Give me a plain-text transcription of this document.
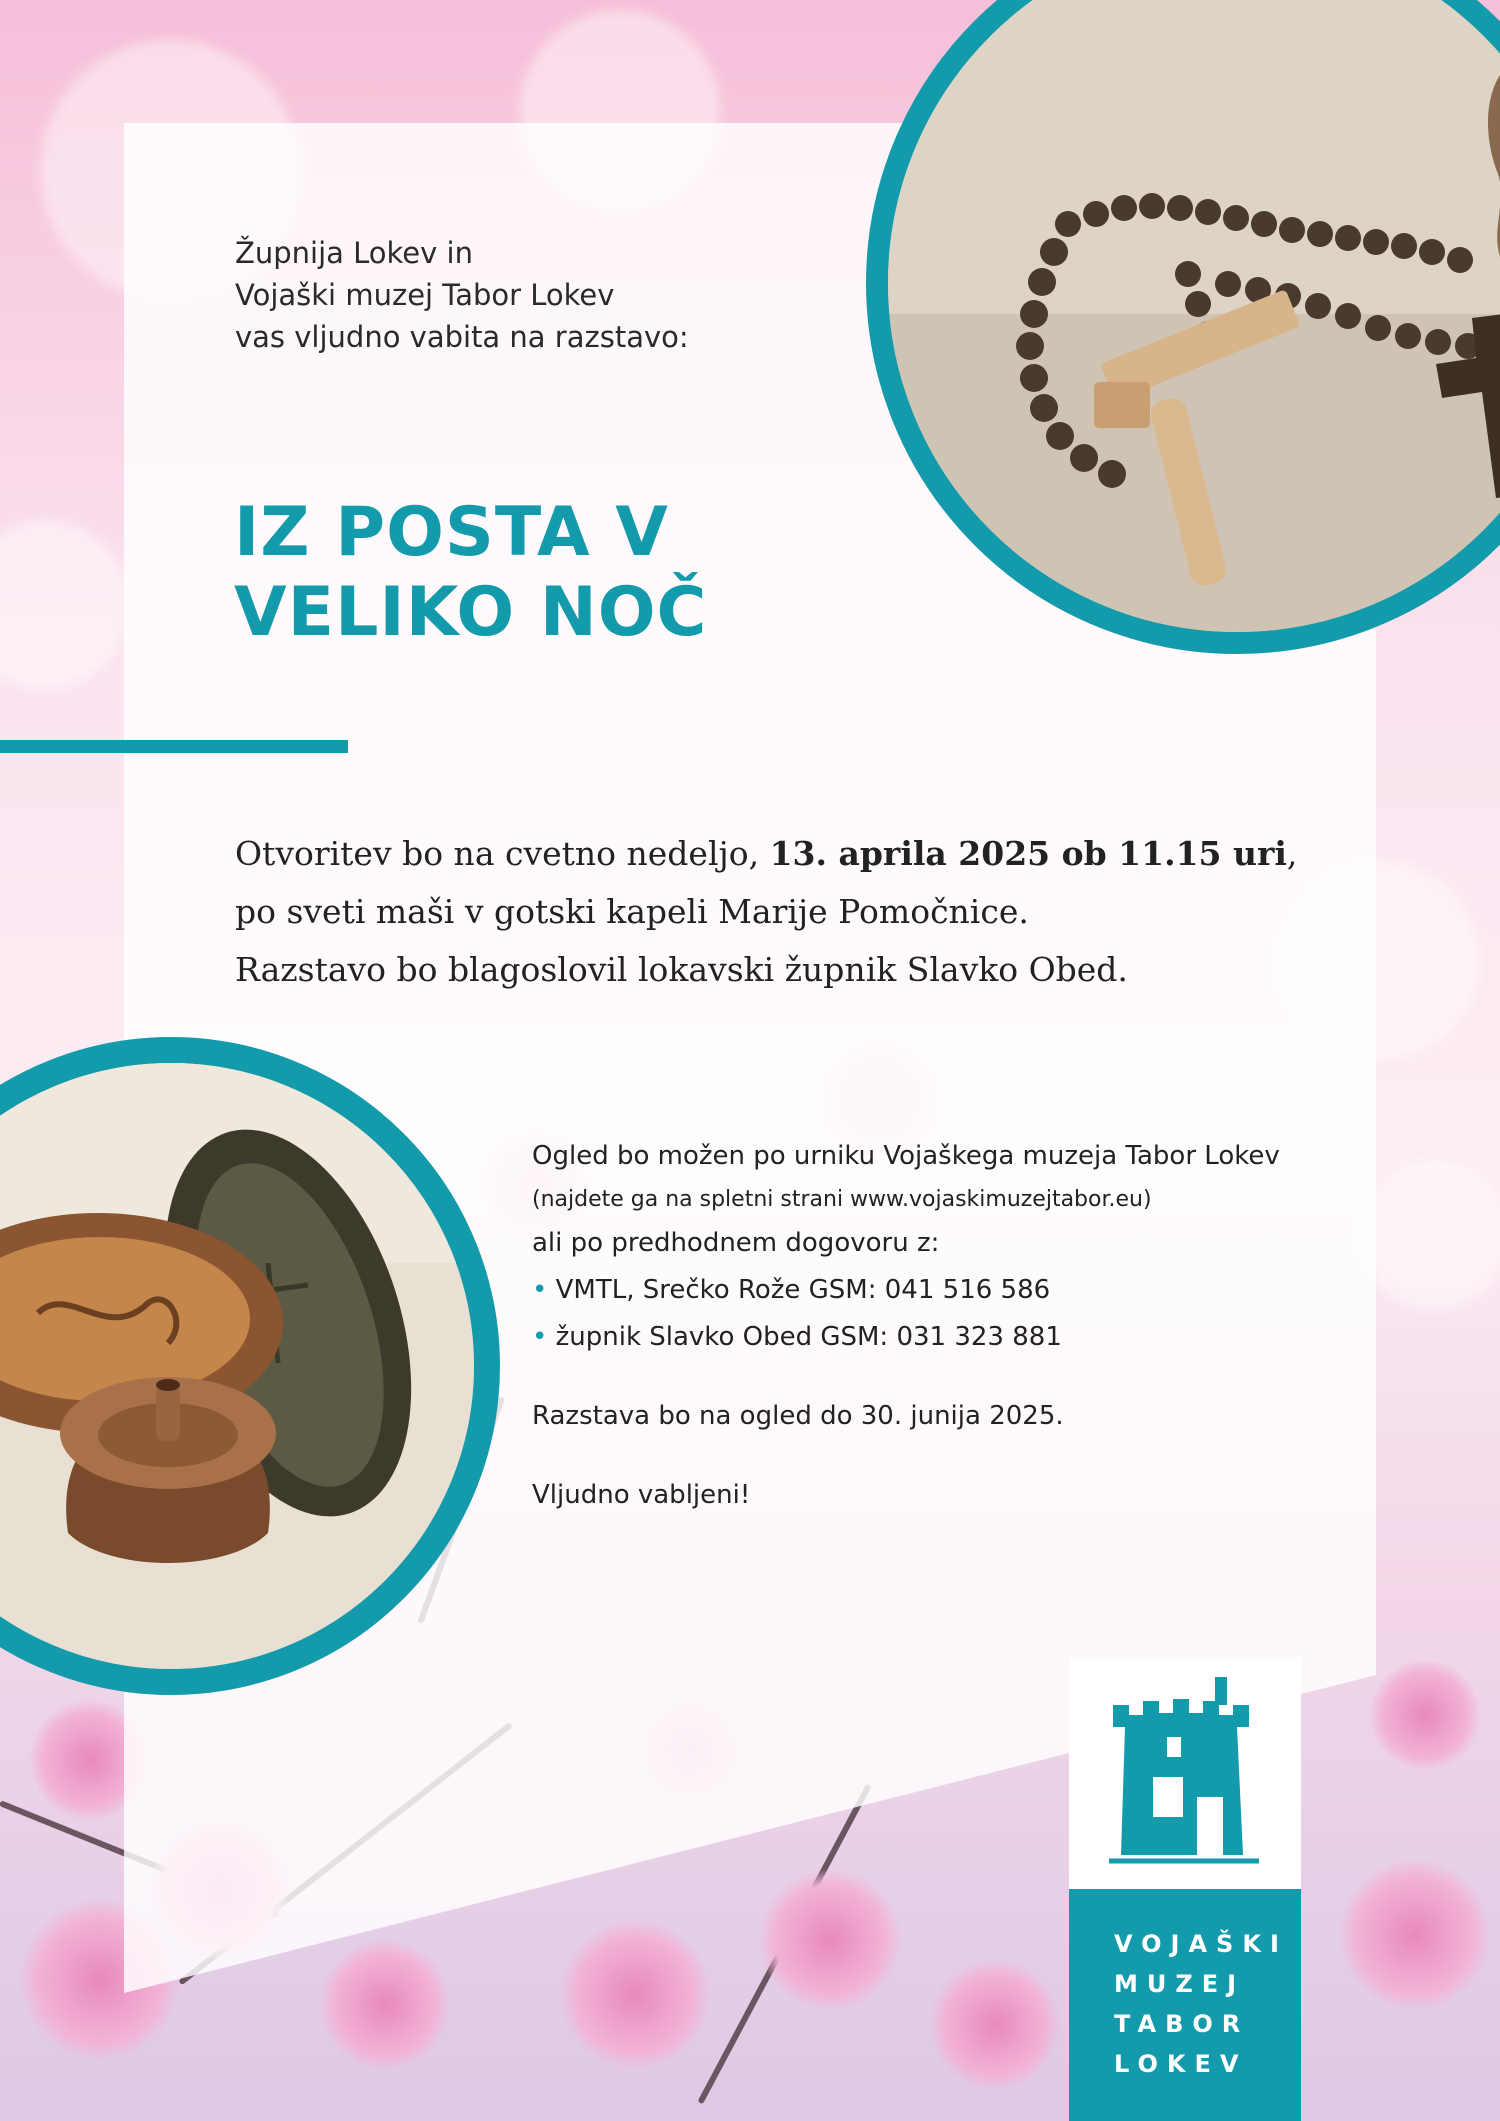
Župnija Lokev in
Vojaški muzej Tabor Lokev
vas vljudno vabita na razstavo:
IZ POSTA V
VELIKO NOČ
Otvoritev bo na cvetno nedeljo, 13. aprila 2025 ob 11.15 uri,
po sveti maši v gotski kapeli Marije Pomočnice.
Razstavo bo blagoslovil lokavski župnik Slavko Obed.
Ogled bo možen po urniku Vojaškega muzeja Tabor Lokev
(najdete ga na spletni strani www.vojaskimuzejtabor.eu)
ali po predhodnem dogovoru z:
• VMTL, Srečko Rože GSM: 041 516 586
• župnik Slavko Obed GSM: 031 323 881
Razstava bo na ogled do 30. junija 2025.
Vljudno vabljeni!
VOJAŠKI
MUZEJ
TABOR
LOKEV
